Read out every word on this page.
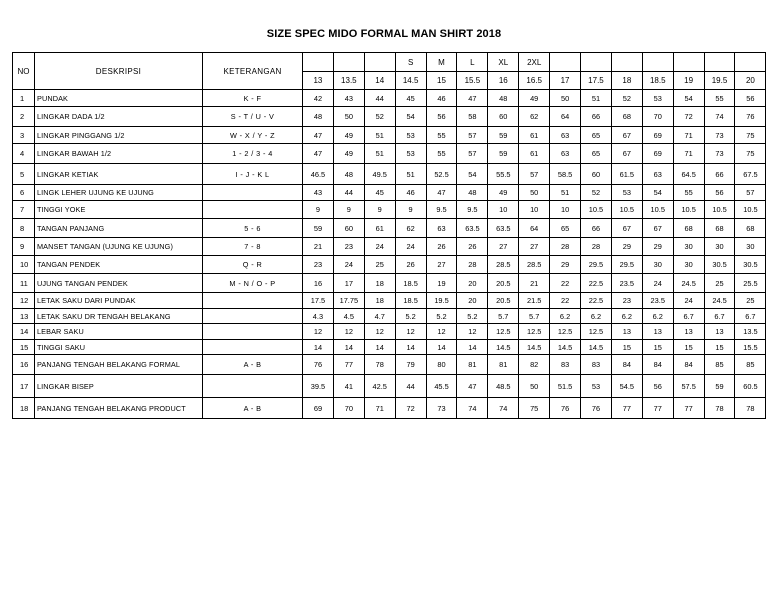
SIZE SPEC MIDO FORMAL MAN SHIRT 2018
NO	DESKRIPSI	KETERANGAN				S	M	L	XL	2XL							
			13	13.5	14	14.5	15	15.5	16	16.5	17	17.5	18	18.5	19	19.5	20
1	PUNDAK	K - F	42	43	44	45	46	47	48	49	50	51	52	53	54	55	56
2	LINGKAR DADA 1/2	S - T / U - V	48	50	52	54	56	58	60	62	64	66	68	70	72	74	76
3	LINGKAR PINGGANG 1/2	W - X / Y - Z	47	49	51	53	55	57	59	61	63	65	67	69	71	73	75
4	LINGKAR BAWAH 1/2	1 - 2 / 3 - 4	47	49	51	53	55	57	59	61	63	65	67	69	71	73	75
5	LINGKAR KETIAK	I - J - K L	46.5	48	49.5	51	52.5	54	55.5	57	58.5	60	61.5	63	64.5	66	67.5
6	LINGK LEHER UJUNG KE UJUNG		43	44	45	46	47	48	49	50	51	52	53	54	55	56	57
7	TINGGI YOKE		9	9	9	9	9.5	9.5	10	10	10	10.5	10.5	10.5	10.5	10.5	10.5
8	TANGAN PANJANG	5 - 6	59	60	61	62	63	63.5	63.5	64	65	66	67	67	68	68	68
9	MANSET TANGAN (UJUNG KE UJUNG)	7 - 8	21	23	24	24	26	26	27	27	28	28	29	29	30	30	30
10	TANGAN PENDEK	Q - R	23	24	25	26	27	28	28.5	28.5	29	29.5	29.5	30	30	30.5	30.5
11	UJUNG TANGAN PENDEK	M - N / O - P	16	17	18	18.5	19	20	20.5	21	22	22.5	23.5	24	24.5	25	25.5
12	LETAK SAKU DARI PUNDAK		17.5	17.75	18	18.5	19.5	20	20.5	21.5	22	22.5	23	23.5	24	24.5	25
13	LETAK SAKU DR TENGAH BELAKANG		4.3	4.5	4.7	5.2	5.2	5.2	5.7	5.7	6.2	6.2	6.2	6.2	6.7	6.7	6.7
14	LEBAR SAKU		12	12	12	12	12	12	12.5	12.5	12.5	12.5	13	13	13	13	13.5
15	TINGGI SAKU		14	14	14	14	14	14	14.5	14.5	14.5	14.5	15	15	15	15	15.5
16	PANJANG TENGAH BELAKANG FORMAL	A - B	76	77	78	79	80	81	81	82	83	83	84	84	84	85	85
17	LINGKAR BISEP		39.5	41	42.5	44	45.5	47	48.5	50	51.5	53	54.5	56	57.5	59	60.5
18	PANJANG TENGAH BELAKANG PRODUCT	A - B	69	70	71	72	73	74	74	75	76	76	77	77	77	78	78
